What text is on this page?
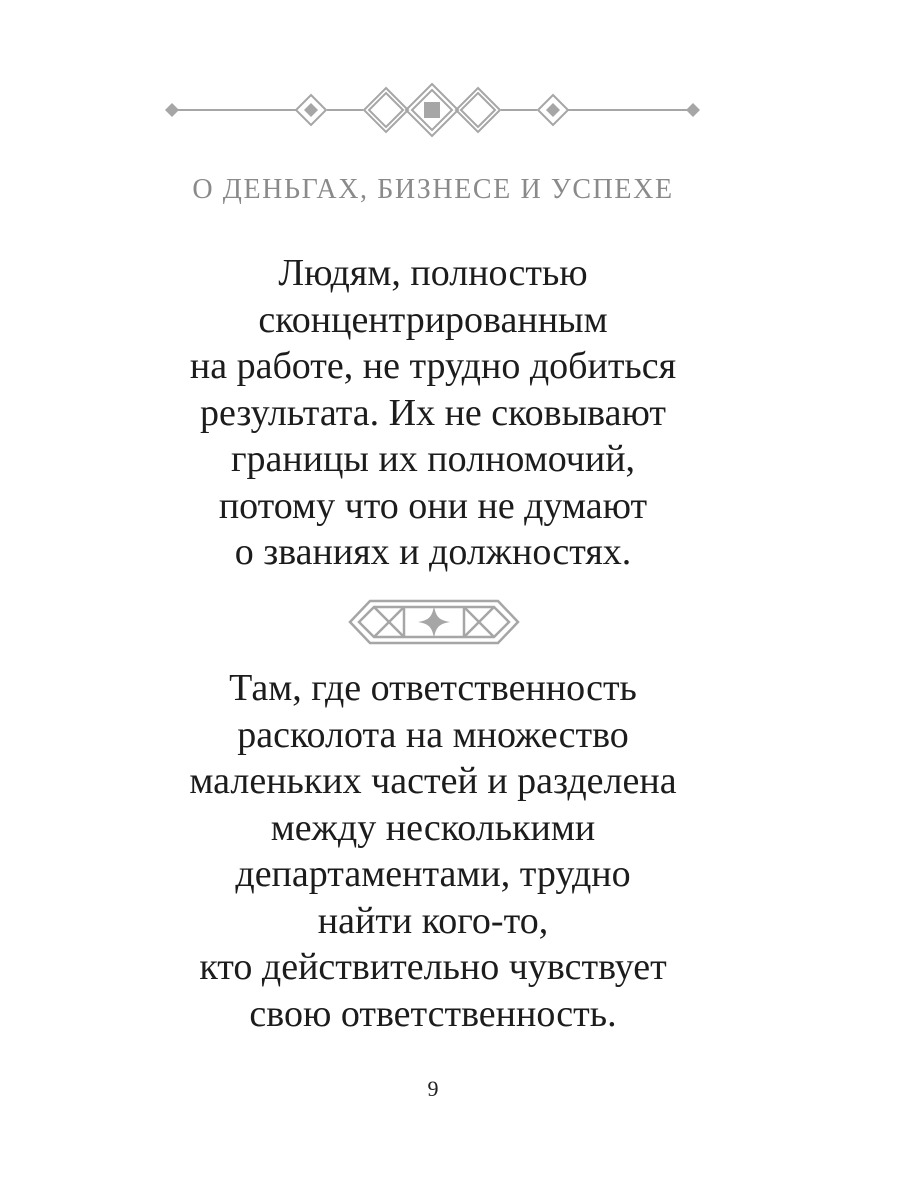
О ДЕНЬГАХ, БИЗНЕСЕ И УСПЕХЕ

Людям, полностью
сконцентрированным
на работе, не трудно добиться
результата. Их не сковывают
границы их полномочий,
потому что они не думают
о званиях и должностях.

Там, где ответственность
расколота на множество
маленьких частей и разделена
между несколькими
департаментами, трудно
найти кого-то,
кто действительно чувствует
свою ответственность.

9
